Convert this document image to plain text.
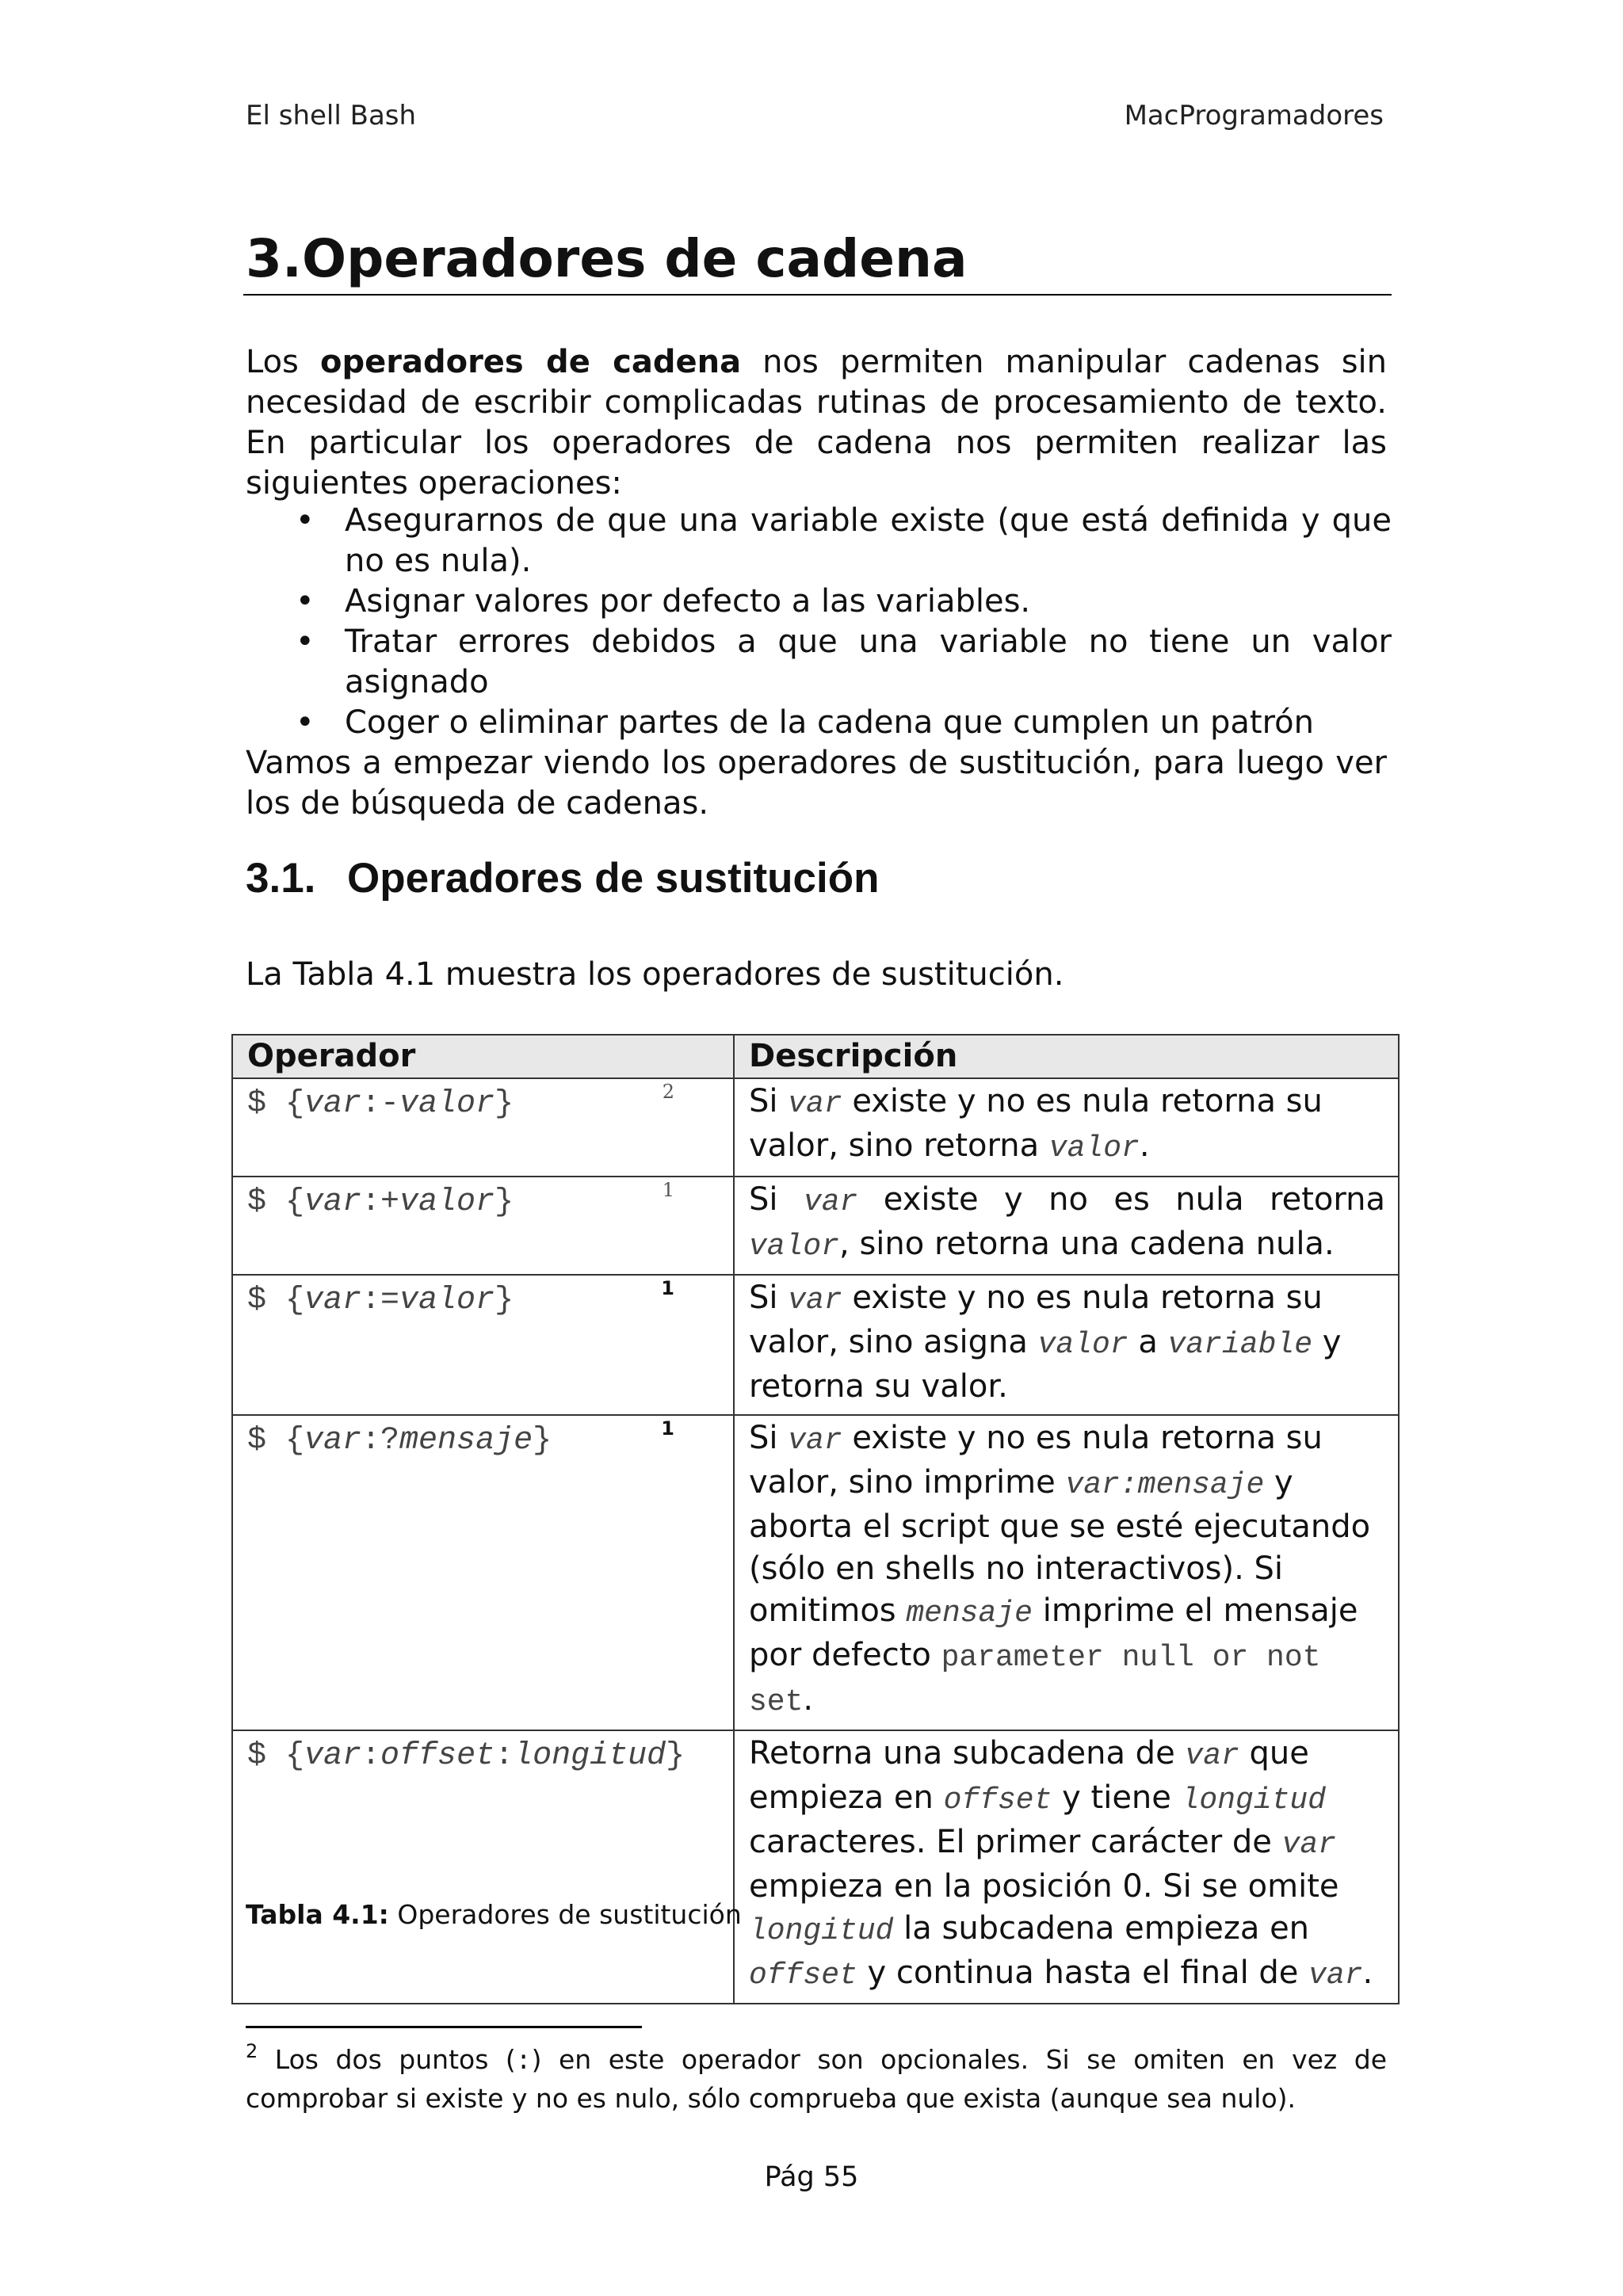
El shell Bash	MacProgramadores
3.Operadores de cadena
Los operadores de cadena nos permiten manipular cadenas sin necesidad de escribir complicadas rutinas de procesamiento de texto. En particular los operadores de cadena nos permiten realizar las siguientes operaciones:
• Asegurarnos de que una variable existe (que está definida y que no es nula).
• Asignar valores por defecto a las variables.
• Tratar errores debidos a que una variable no tiene un valor asignado
• Coger o eliminar partes de la cadena que cumplen un patrón
Vamos a empezar viendo los operadores de sustitución, para luego ver los de búsqueda de cadenas.
3.1. Operadores de sustitución
La Tabla 4.1 muestra los operadores de sustitución.
Operador	Descripción
$ {var:-valor} 2	Si var existe y no es nula retorna su valor, sino retorna valor.
$ {var:+valor} 1	Si var existe y no es nula retorna valor, sino retorna una cadena nula.
$ {var:=valor} 1	Si var existe y no es nula retorna su valor, sino asigna valor a variable y retorna su valor.
$ {var:?mensaje} 1	Si var existe y no es nula retorna su valor, sino imprime var:mensaje y aborta el script que se esté ejecutando (sólo en shells no interactivos). Si omitimos mensaje imprime el mensaje por defecto parameter null or not set.
$ {var:offset:longitud}	Retorna una subcadena de var que empieza en offset y tiene longitud caracteres. El primer carácter de var empieza en la posición 0. Si se omite longitud la subcadena empieza en offset y continua hasta el final de var.
Tabla 4.1: Operadores de sustitución
$^2$ Los dos puntos (:) en este operador son opcionales. Si se omiten en vez de comprobar si existe y no es nulo, sólo comprueba que exista (aunque sea nulo).
Pág 55
